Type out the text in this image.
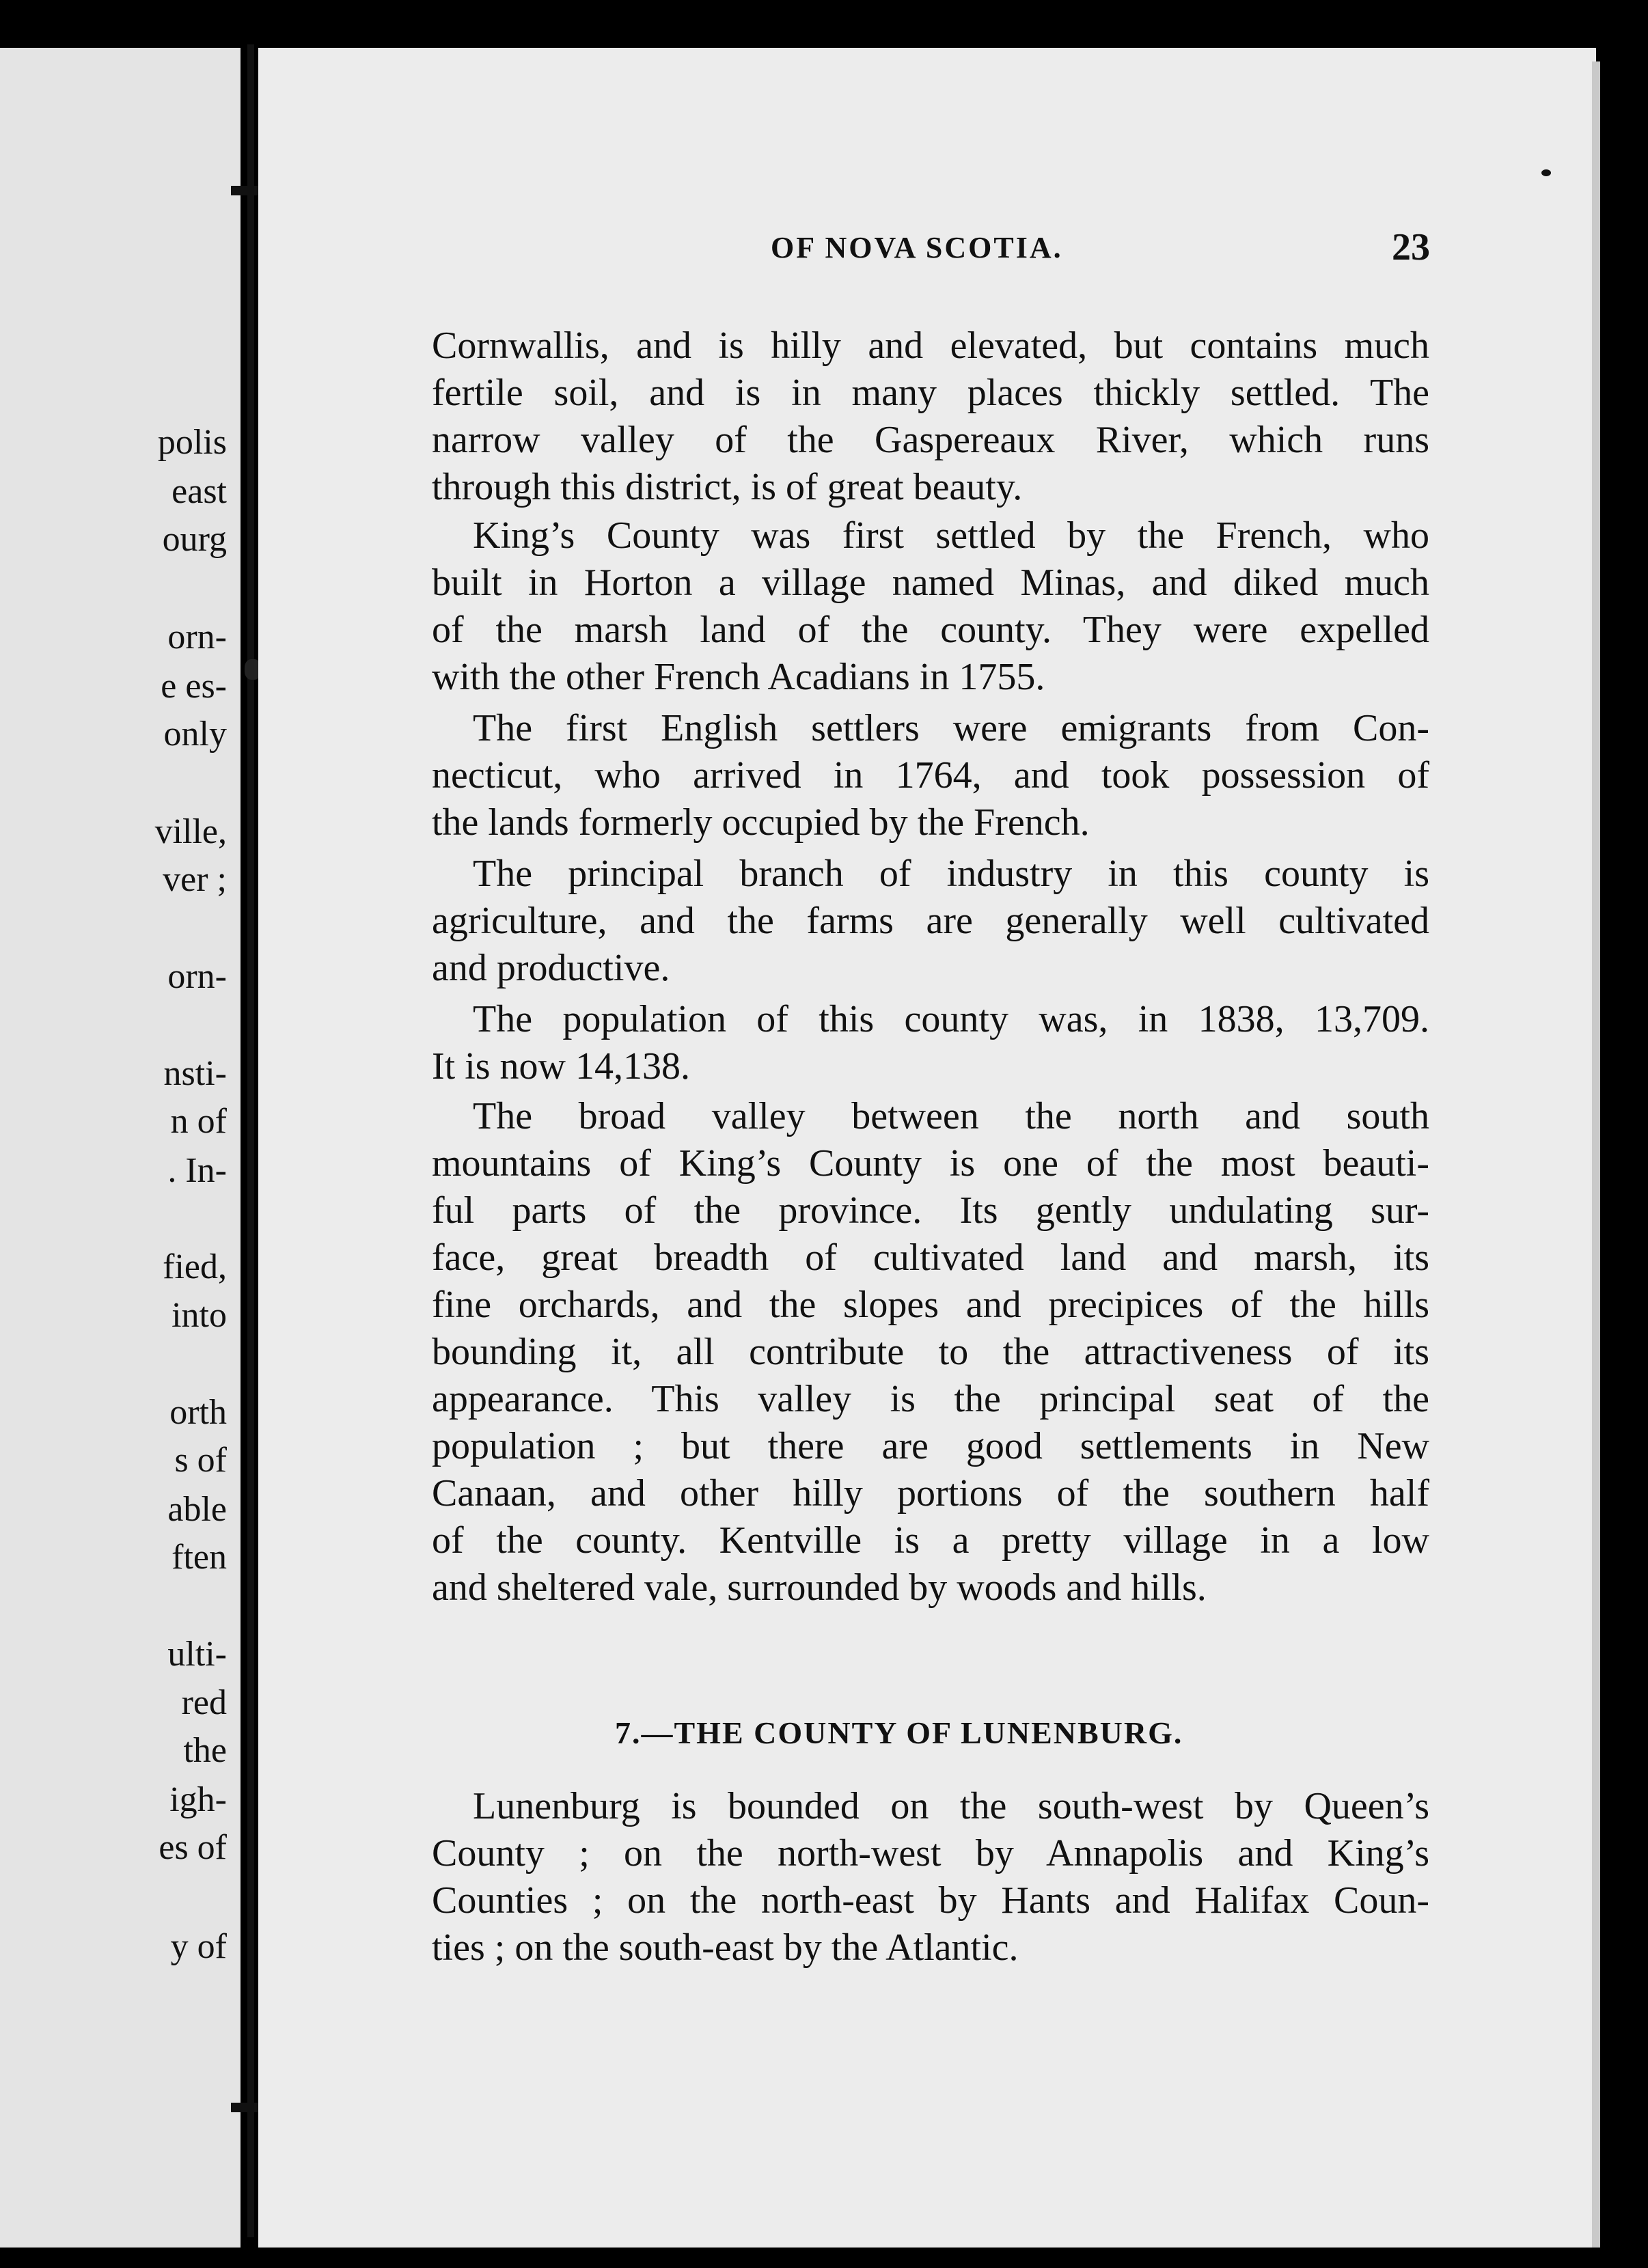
polis
east
ourg
orn-
e es-
only
ville,
ver ;
orn-
nsti-
n of
. In-
fied,
into
orth
s of
able
ften
ulti-
red
the
igh-
es of
y of
OF NOVA SCOTIA.	23
Cornwallis, and is hilly and elevated, but contains much
fertile soil, and is in many places thickly settled. The
narrow valley of the Gaspereaux River, which runs
through this district, is of great beauty.
King’s County was first settled by the French, who
built in Horton a village named Minas, and diked much
of the marsh land of the county. They were expelled
with the other French Acadians in 1755.
The first English settlers were emigrants from Con-
necticut, who arrived in 1764, and took possession of
the lands formerly occupied by the French.
The principal branch of industry in this county is
agriculture, and the farms are generally well cultivated
and productive.
The population of this county was, in 1838, 13,709.
It is now 14,138.
The broad valley between the north and south
mountains of King’s County is one of the most beauti-
ful parts of the province. Its gently undulating sur-
face, great breadth of cultivated land and marsh, its
fine orchards, and the slopes and precipices of the hills
bounding it, all contribute to the attractiveness of its
appearance. This valley is the principal seat of the
population ; but there are good settlements in New
Canaan, and other hilly portions of the southern half
of the county. Kentville is a pretty village in a low
and sheltered vale, surrounded by woods and hills.
7.—THE COUNTY OF LUNENBURG.
Lunenburg is bounded on the south-west by Queen’s
County ; on the north-west by Annapolis and King’s
Counties ; on the north-east by Hants and Halifax Coun-
ties ; on the south-east by the Atlantic.
